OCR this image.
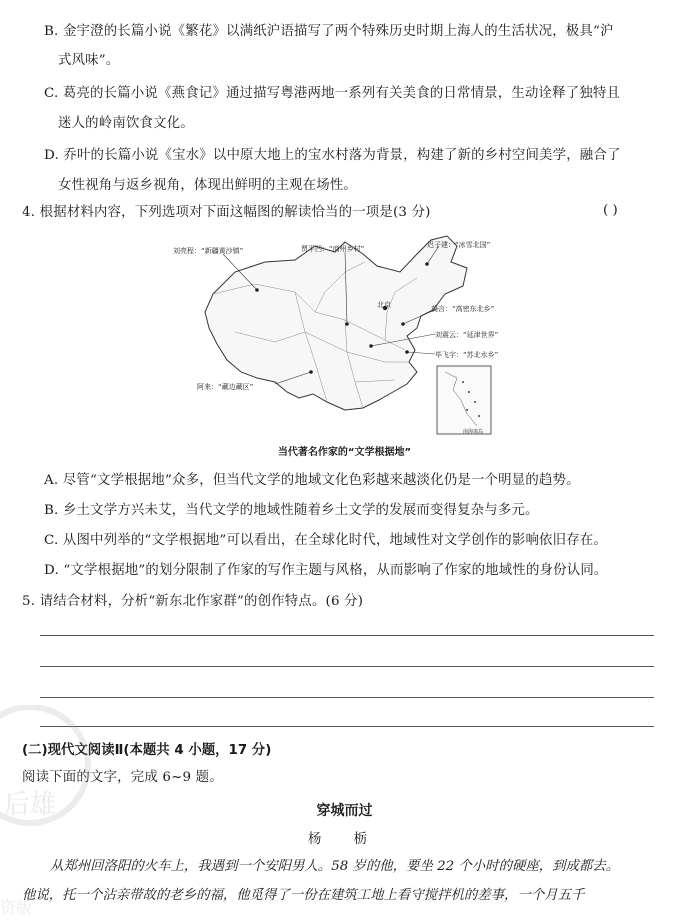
B. 金宇澄的长篇小说《繁花》以满纸沪语描写了两个特殊历史时期上海人的生活状况，极具“沪
式风味”。
C. 葛亮的长篇小说《燕食记》通过描写粤港两地一系列有关美食的日常情景，生动诠释了独特且
迷人的岭南饮食文化。
D. 乔叶的长篇小说《宝水》以中原大地上的宝水村落为背景，构建了新的乡村空间美学，融合了
女性视角与返乡视角，体现出鲜明的主观在场性。
4. 根据材料内容，下列选项对下面这幅图的解读恰当的一项是(3 分)	( )
刘亮程：“新疆黄沙镇”	贾平凹：“商州乡村”	迟子建：“冰雪北国”
北京	莫言：“高密东北乡”
刘震云：“延津世界”
毕飞宇：“苏北水乡”
阿来：“藏边藏区”
南海诸岛
当代著名作家的“文学根据地”
A. 尽管“文学根据地”众多，但当代文学的地域文化色彩越来越淡化仍是一个明显的趋势。
B. 乡土文学方兴未艾，当代文学的地域性随着乡土文学的发展而变得复杂与多元。
C. 从图中列举的“文学根据地”可以看出，在全球化时代，地域性对文学创作的影响依旧存在。
D. “文学根据地”的划分限制了作家的写作主题与风格，从而影响了作家的地域性的身份认同。
5. 请结合材料，分析“新东北作家群”的创作特点。(6 分)
(二)现代文阅读Ⅱ(本题共 4 小题，17 分)
阅读下面的文字，完成 6~9 题。
穿城而过
杨 栃
从郑州回洛阳的火车上，我遇到一个安阳男人。58 岁的他，要坐 22 个小时的硬座，到成都去。
他说，托一个沾亲带故的老乡的福，他觅得了一份在建筑工地上看守搅拌机的差事，一个月五千
后雄
资版
